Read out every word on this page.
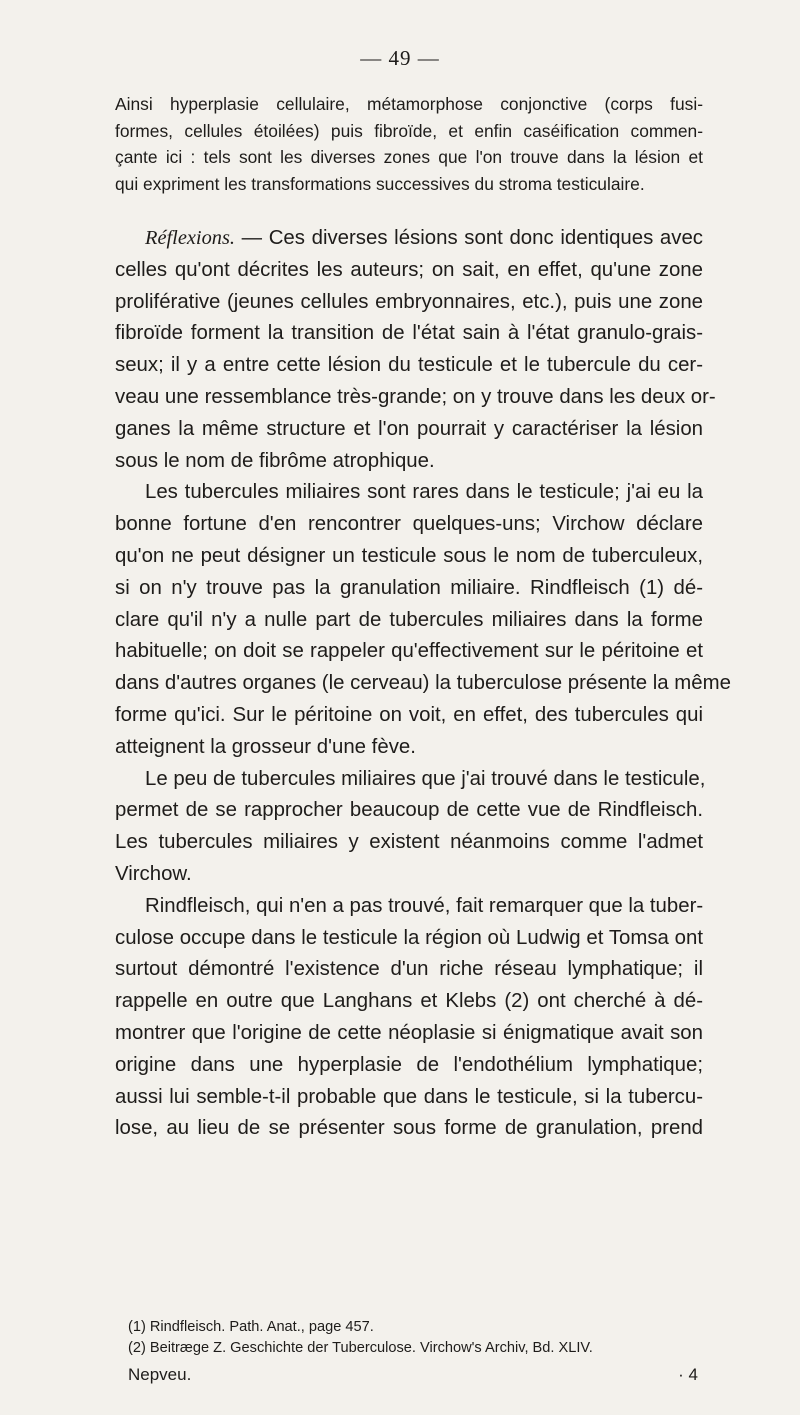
— 49 —
Ainsi hyperplasie cellulaire, métamorphose conjonctive (corps fusi-
formes, cellules étoilées) puis fibroïde, et enfin caséification commen-
çante ici : tels sont les diverses zones que l'on trouve dans la lésion et
qui expriment les transformations successives du stroma testiculaire.
Réflexions. — Ces diverses lésions sont donc identiques avec
celles qu'ont décrites les auteurs; on sait, en effet, qu'une zone
proliférative (jeunes cellules embryonnaires, etc.), puis une zone
fibroïde forment la transition de l'état sain à l'état granulo-grais-
seux; il y a entre cette lésion du testicule et le tubercule du cer-
veau une ressemblance très-grande; on y trouve dans les deux or-
ganes la même structure et l'on pourrait y caractériser la lésion
sous le nom de fibrôme atrophique.
Les tubercules miliaires sont rares dans le testicule; j'ai eu la
bonne fortune d'en rencontrer quelques-uns; Virchow déclare
qu'on ne peut désigner un testicule sous le nom de tuberculeux,
si on n'y trouve pas la granulation miliaire. Rindfleisch (1) dé-
clare qu'il n'y a nulle part de tubercules miliaires dans la forme
habituelle; on doit se rappeler qu'effectivement sur le péritoine et
dans d'autres organes (le cerveau) la tuberculose présente la même
forme qu'ici. Sur le péritoine on voit, en effet, des tubercules qui
atteignent la grosseur d'une fève.
Le peu de tubercules miliaires que j'ai trouvé dans le testicule,
permet de se rapprocher beaucoup de cette vue de Rindfleisch.
Les tubercules miliaires y existent néanmoins comme l'admet
Virchow.
Rindfleisch, qui n'en a pas trouvé, fait remarquer que la tuber-
culose occupe dans le testicule la région où Ludwig et Tomsa ont
surtout démontré l'existence d'un riche réseau lymphatique; il
rappelle en outre que Langhans et Klebs (2) ont cherché à dé-
montrer que l'origine de cette néoplasie si énigmatique avait son
origine dans une hyperplasie de l'endothélium lymphatique;
aussi lui semble-t-il probable que dans le testicule, si la tubercu-
lose, au lieu de se présenter sous forme de granulation, prend
(1) Rindfleisch. Path. Anat., page 457.
(2) Beitræge Z. Geschichte der Tuberculose. Virchow's Archiv, Bd. XLIV.
Nepveu.	· 4
